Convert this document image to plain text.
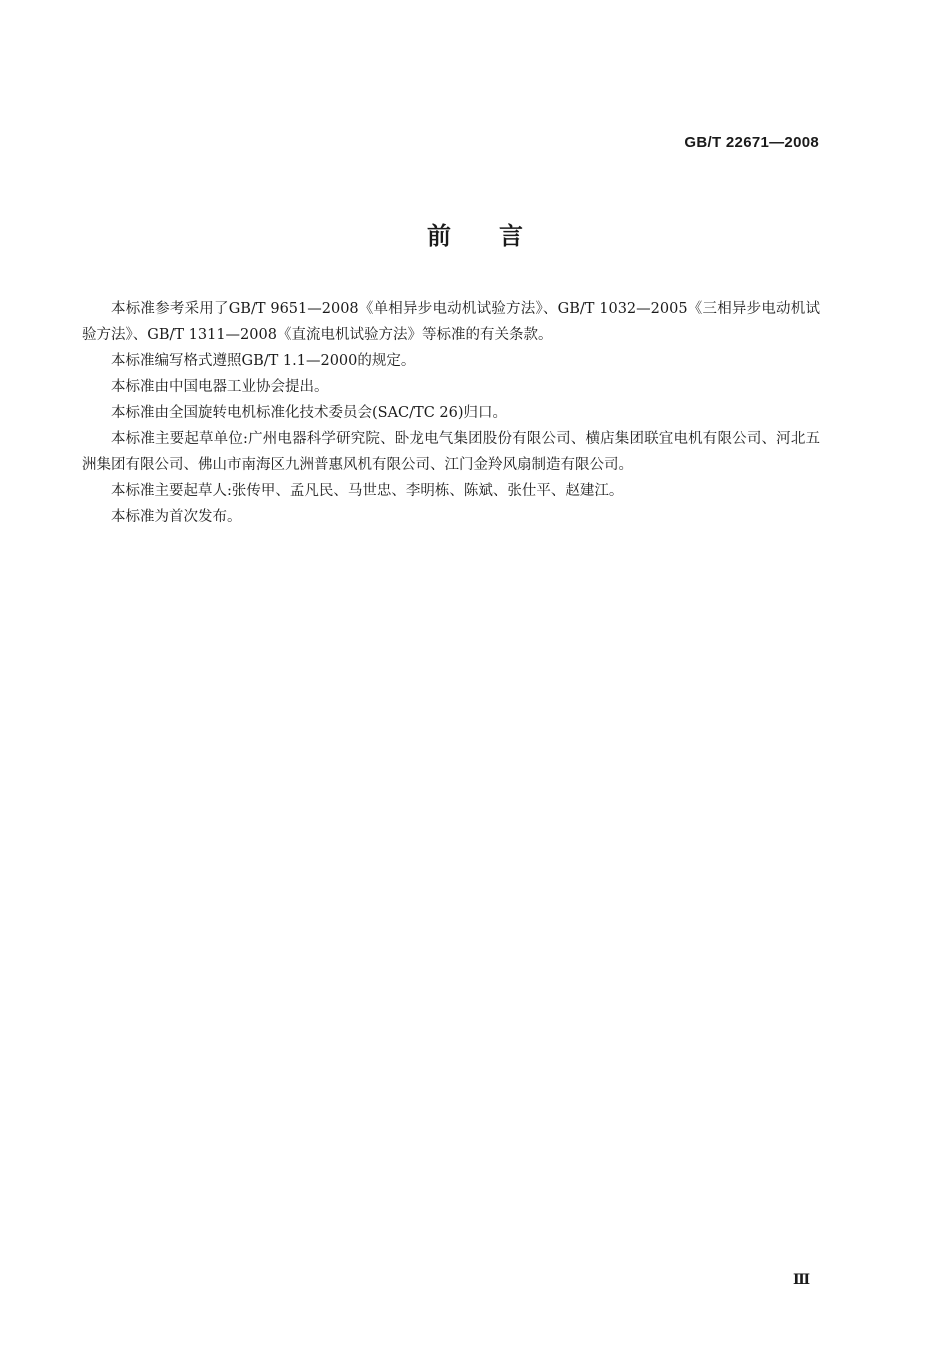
GB/T 22671—2008
前言

本标准参考采用了GB/T 9651—2008《单相异步电动机试验方法》、GB/T 1032—2005《三相异步电动机试验方法》、GB/T 1311—2008《直流电机试验方法》等标准的有关条款。

本标准编写格式遵照GB/T 1.1—2000的规定。

本标准由中国电器工业协会提出。

本标准由全国旋转电机标准化技术委员会(SAC/TC 26)归口。

本标准主要起草单位:广州电器科学研究院、卧龙电气集团股份有限公司、横店集团联宜电机有限公司、河北五洲集团有限公司、佛山市南海区九洲普惠风机有限公司、江门金羚风扇制造有限公司。

本标准主要起草人:张传甲、孟凡民、马世忠、李明栋、陈斌、张仕平、赵建江。

本标准为首次发布。

Ⅲ
